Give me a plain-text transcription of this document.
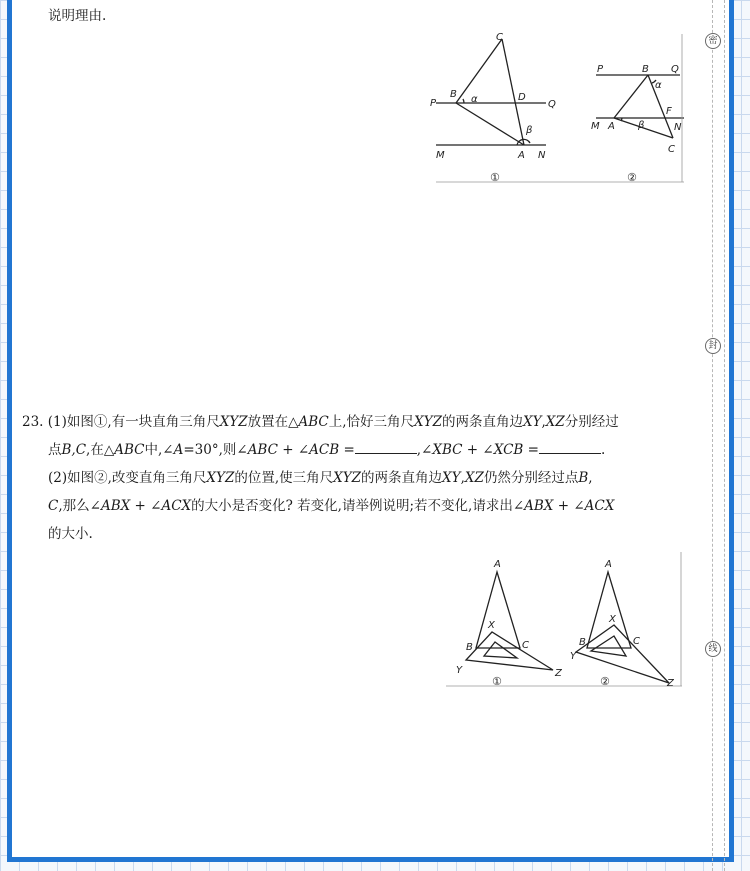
密
封
线
说明理由.
C
B
P
D
Q
α
β
M	A N
P	B Q
α
F
M A β	N
C
①	②
23. (1)如图①,有一块直角三角尺XYZ放置在△ABC上,恰好三角尺XYZ的两条直角边XY,XZ分别经过
点B,C,在△ABC中,∠A=30°,则∠ABC + ∠ACB =	,∠XBC + ∠XCB =	.
(2)如图②,改变直角三角尺XYZ的位置,使三角尺XYZ的两条直角边XY,XZ仍然分别经过点B,
C,那么∠ABX + ∠ACX的大小是否变化? 若变化,请举例说明;若不变化,请求出∠ABX + ∠ACX
的大小.
A
X
B	C
Y	Z
A
X
B	C
Y
Z
①	②
